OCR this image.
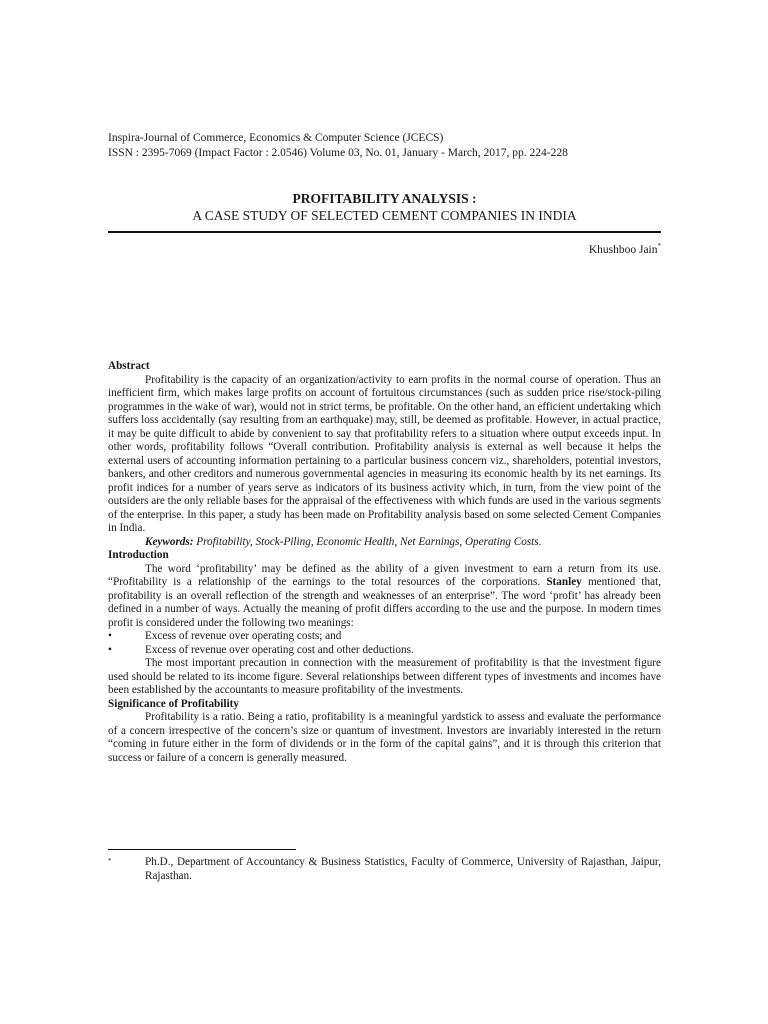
Inspira-Journal of Commerce, Economics & Computer Science (JCECS)
ISSN : 2395-7069 (Impact Factor : 2.0546) Volume 03, No. 01, January - March, 2017, pp. 224-228
PROFITABILITY ANALYSIS :
A CASE STUDY OF SELECTED CEMENT COMPANIES IN INDIA
Khushboo Jain*

Abstract

Profitability is the capacity of an organization/activity to earn profits in the normal course of operation. Thus an inefficient firm, which makes large profits on account of fortuitous circumstances (such as sudden price rise/stock-piling programmes in the wake of war), would not in strict terms, be profitable. On the other hand, an efficient undertaking which suffers loss accidentally (say resulting from an earthquake) may, still, be deemed as profitable. However, in actual practice, it may be quite difficult to abide by convenient to say that profitability refers to a situation where output exceeds input. In other words, profitability follows “Overall contribution. Profitability analysis is external as well because it helps the external users of accounting information pertaining to a particular business concern viz., shareholders, potential investors, bankers, and other creditors and numerous governmental agencies in measuring its economic health by its net earnings. Its profit indices for a number of years serve as indicators of its business activity which, in turn, from the view point of the outsiders are the only reliable bases for the appraisal of the effectiveness with which funds are used in the various segments of the enterprise. In this paper, a study has been made on Profitability analysis based on some selected Cement Companies in India.

Keywords: Profitability, Stock-Piling, Economic Health, Net Earnings, Operating Costs.

Introduction

The word ‘profitability’ may be defined as the ability of a given investment to earn a return from its use. “Profitability is a relationship of the earnings to the total resources of the corporations. Stanley mentioned that, profitability is an overall reflection of the strength and weaknesses of an enterprise”. The word ‘profit’ has already been defined in a number of ways. Actually the meaning of profit differs according to the use and the purpose. In modern times profit is considered under the following two meanings:

•	Excess of revenue over operating costs; and
•	Excess of revenue over operating cost and other deductions.

The most important precaution in connection with the measurement of profitability is that the investment figure used should be related to its income figure. Several relationships between different types of investments and incomes have been established by the accountants to measure profitability of the investments.

Significance of Profitability

Profitability is a ratio. Being a ratio, profitability is a meaningful yardstick to assess and evaluate the performance of a concern irrespective of the concern’s size or quantum of investment. Investors are invariably interested in the return “coming in future either in the form of dividends or in the form of the capital gains”, and it is through this criterion that success or failure of a concern is generally measured.

*	Ph.D., Department of Accountancy & Business Statistics, Faculty of Commerce, University of Rajasthan, Jaipur, Rajasthan.
